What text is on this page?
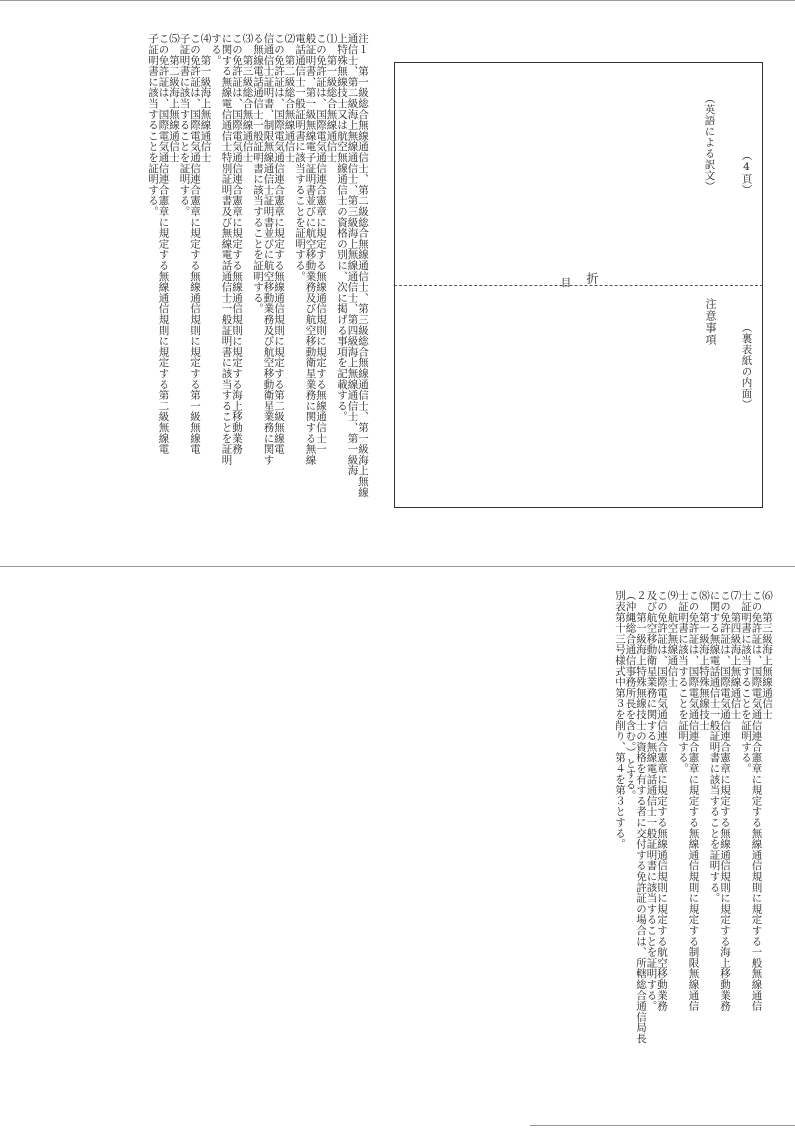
（4頁）
（裏表紙の内面）
（英語による訳文）
注意事項
折
目
注１　第一級総合無線通信士、第二級総合無線通信士、第三級総合無線通信士、第一級海上無線
通信士、第二級海上無線通信士、第三級海上無線通信士、第四級海上無線通信士、第一級海
上特殊無線技士又は航空無線通信士の資格の別に、次に掲げる事項を記載する。
⑴　第一級総合無線通信士
この免許証は、国際電気通信連合憲章に規定する無線通信規則に規定する無線通信士一
般証明書、第一級無線電子証明書並びに航空移動業務及び航空移動衛星業務に関する無線
電話通信士一般証明書に該当することを証明する。
⑵　第二級総合無線通信士
この免許証は、国際電気通信連合憲章に規定する無線通信規則に規定する第二級無線電
信通信士証明書、制限無線通信士証明書並びに航空移動業務及び航空移動衛星業務に関す
る無線電話通信士一般証明書に該当することを証明する。
⑶　第三級総合無線通信士
この免許証は、国際電気通信連合憲章に規定する無線通信規則に規定する海上移動業務
に関する無線電信通信士特別証明書及び無線電話通信士一般証明書に該当することを証明
する。
⑷　第一級海上無線通信士
この免許証は、国際電気通信連合憲章に規定する無線通信規則に規定する第一級無線電
子証明書に該当することを証明する。
⑸　第二級海上無線通信士
この免許証は、国際電気通信連合憲章に規定する無線通信規則に規定する第二級無線電
子証明書に該当することを証明する。
⑹　第三級海上無線通信士
この免許証は、国際電気通信連合憲章に規定する無線通信規則に規定する一般無線通信
士証明書に該当することを証明する。
⑺　第四級海上無線通信士
この免許証は、国際電気通信連合憲章に規定する無線通信規則に規定する海上移動業務
に関する無線電話通信士一般証明書に該当することを証明する。
⑻　第一級海上特殊無線技士
この免許証は、国際電気通信連合憲章に規定する無線通信規則に規定する制限無線通信
士証明書に該当することを証明する。
⑼　航空無線通信士
この免許証は、国際電気通信連合憲章に規定する無線通信規則に規定する航空移動業務
及び航空移動衛星業務に関する無線電話通信士一般証明書に該当することを証明する。
２　第一級海上特殊無線技士の資格を有する者に交付する免許証の場合は、所轄総合通信局長
（沖縄総合通信事務所長を含む。）とする。
別表第十三号様式中第３を削り、第４を第３とする。
